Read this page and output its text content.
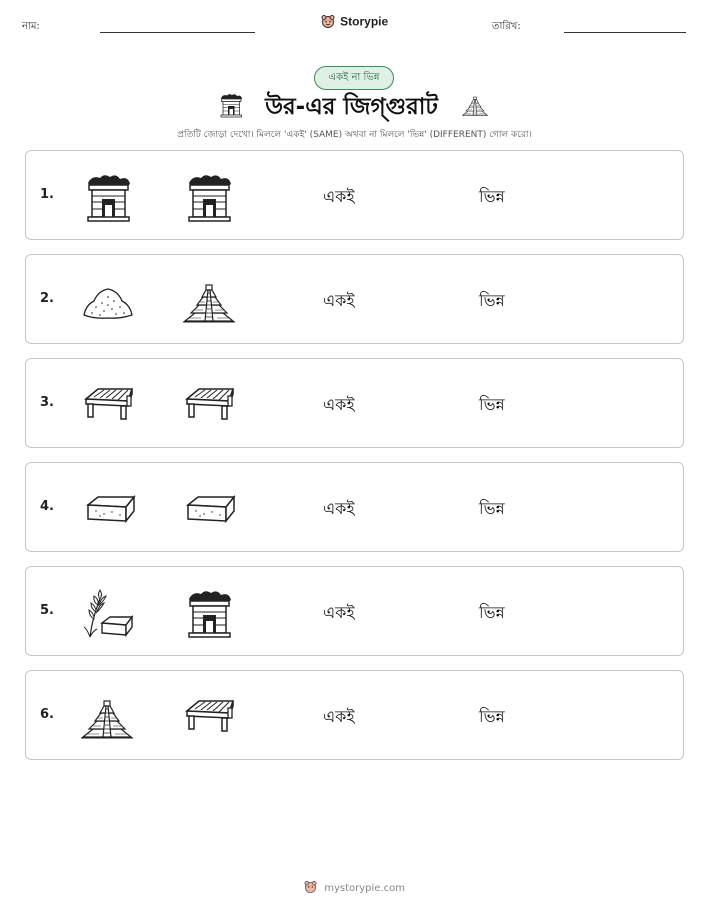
নাম:	Storypie	তারিখ:
একই না ভিন্ন
উর-এর জিগ্গুরাট
প্রতিটি জোড়া দেখো। মিললে 'একই' (SAME) অথবা না মিললে 'ভিন্ন' (DIFFERENT) গোল করো।
1.	একই	ভিন্ন
2.	একই	ভিন্ন
3.	একই	ভিন্ন
4.	একই	ভিন্ন
5.	একই	ভিন্ন
6.	একই	ভিন্ন
mystorypie.com
